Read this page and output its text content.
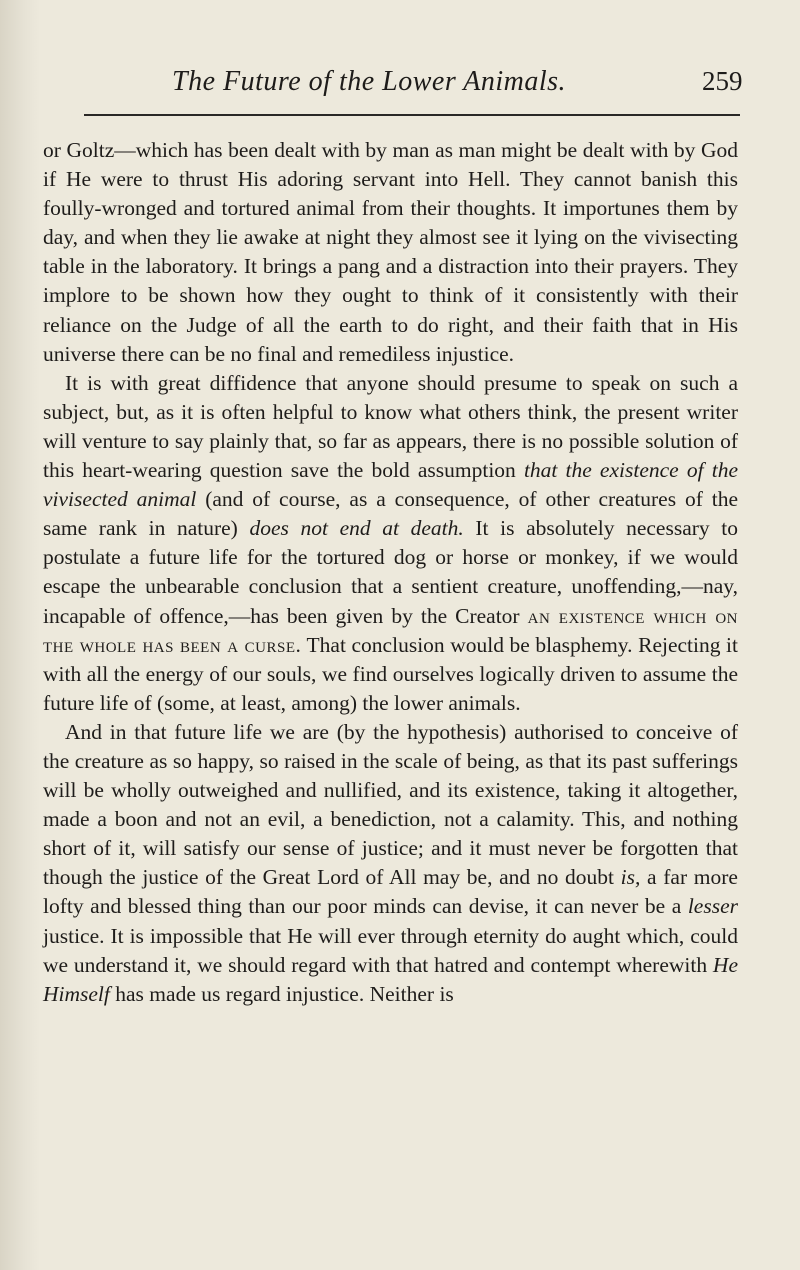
The Future of the Lower Animals.	259

or Goltz—which has been dealt with by man as man might be dealt with by God if He were to thrust His adoring servant into Hell. They cannot banish this foully-wronged and tortured animal from their thoughts. It importunes them by day, and when they lie awake at night they almost see it lying on the vivisecting table in the laboratory. It brings a pang and a distraction into their prayers. They implore to be shown how they ought to think of it consistently with their reliance on the Judge of all the earth to do right, and their faith that in His universe there can be no final and remediless injustice.

It is with great diffidence that anyone should presume to speak on such a subject, but, as it is often helpful to know what others think, the present writer will venture to say plainly that, so far as appears, there is no possible solution of this heart-wearing question save the bold assumption that the existence of the vivisected animal (and of course, as a consequence, of other creatures of the same rank in nature) does not end at death. It is absolutely necessary to postulate a future life for the tortured dog or horse or monkey, if we would escape the unbearable conclusion that a sentient creature, unoffending,—nay, incapable of offence,—has been given by the Creator an existence which on the whole has been a curse. That conclusion would be blasphemy. Rejecting it with all the energy of our souls, we find ourselves logically driven to assume the future life of (some, at least, among) the lower animals.

And in that future life we are (by the hypothesis) authorised to conceive of the creature as so happy, so raised in the scale of being, as that its past sufferings will be wholly outweighed and nullified, and its existence, taking it altogether, made a boon and not an evil, a benediction, not a calamity. This, and nothing short of it, will satisfy our sense of justice; and it must never be forgotten that though the justice of the Great Lord of All may be, and no doubt is, a far more lofty and blessed thing than our poor minds can devise, it can never be a lesser justice. It is impossible that He will ever through eternity do aught which, could we understand it, we should regard with that hatred and contempt wherewith He Himself has made us regard injustice. Neither is
